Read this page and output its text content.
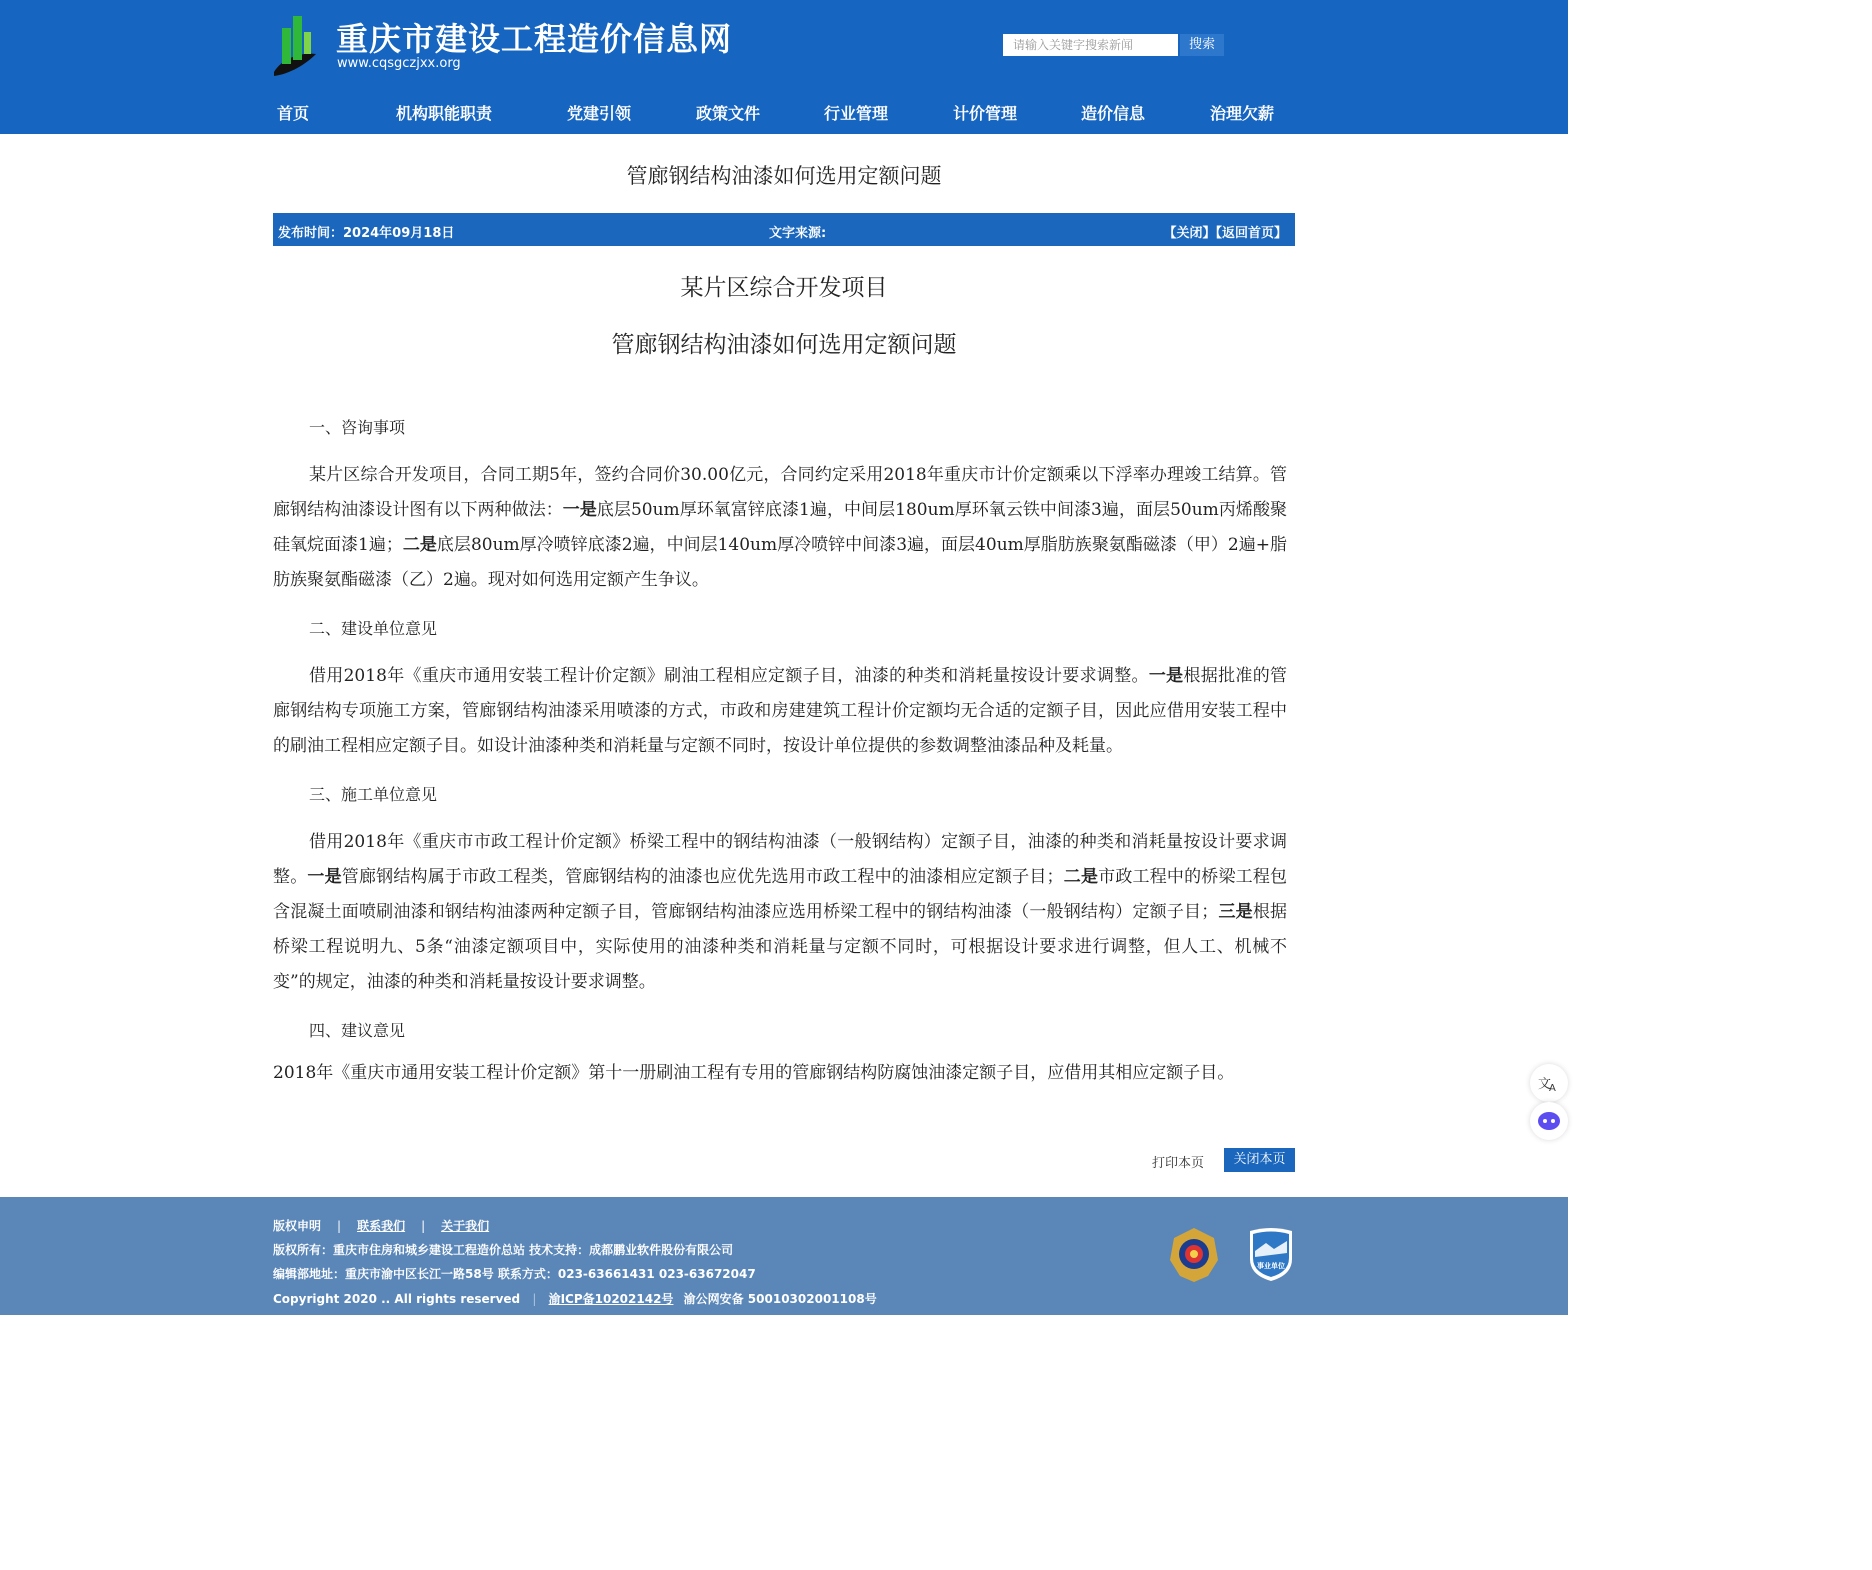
重庆市建设工程造价信息网
www.cqsgczjxx.org
请输入关键字搜索新闻
搜索
首页	机构职能职责	党建引领	政策文件	行业管理	计价管理	造价信息	治理欠薪
管廊钢结构油漆如何选用定额问题
发布时间：2024年09月18日	文字来源:	【关闭】【返回首页】
某片区综合开发项目
管廊钢结构油漆如何选用定额问题

一、咨询事项

某片区综合开发项目，合同工期5年，签约合同价30.00亿元，合同约定采用2018年重庆市计价定额乘以下浮率办理竣工结算。管廊钢结构油漆设计图有以下两种做法：一是底层50um厚环氧富锌底漆1遍，中间层180um厚环氧云铁中间漆3遍，面层50um丙烯酸聚硅氧烷面漆1遍；二是底层80um厚冷喷锌底漆2遍，中间层140um厚冷喷锌中间漆3遍，面层40um厚脂肪族聚氨酯磁漆（甲）2遍+脂肪族聚氨酯磁漆（乙）2遍。现对如何选用定额产生争议。

二、建设单位意见

借用2018年《重庆市通用安装工程计价定额》刷油工程相应定额子目，油漆的种类和消耗量按设计要求调整。一是根据批准的管廊钢结构专项施工方案，管廊钢结构油漆采用喷漆的方式，市政和房建建筑工程计价定额均无合适的定额子目，因此应借用安装工程中的刷油工程相应定额子目。如设计油漆种类和消耗量与定额不同时，按设计单位提供的参数调整油漆品种及耗量。

三、施工单位意见

借用2018年《重庆市市政工程计价定额》桥梁工程中的钢结构油漆（一般钢结构）定额子目，油漆的种类和消耗量按设计要求调整。一是管廊钢结构属于市政工程类，管廊钢结构的油漆也应优先选用市政工程中的油漆相应定额子目；二是市政工程中的桥梁工程包含混凝土面喷刷油漆和钢结构油漆两种定额子目，管廊钢结构油漆应选用桥梁工程中的钢结构油漆（一般钢结构）定额子目；三是根据桥梁工程说明九、5条“油漆定额项目中，实际使用的油漆种类和消耗量与定额不同时，可根据设计要求进行调整，但人工、机械不变”的规定，油漆的种类和消耗量按设计要求调整。

四、建议意见

2018年《重庆市通用安装工程计价定额》第十一册刷油工程有专用的管廊钢结构防腐蚀油漆定额子目，应借用其相应定额子目。

打印本页	关闭本页
文
A
版权申明 | 联系我们 | 关于我们
版权所有：重庆市住房和城乡建设工程造价总站 技术支持：成都鹏业软件股份有限公司
编辑部地址：重庆市渝中区长江一路58号 联系方式：023-63661431 023-63672047
Copyright 2020 .. All rights reserved | 渝ICP备10202142号 渝公网安备 50010302001108号
事业单位
